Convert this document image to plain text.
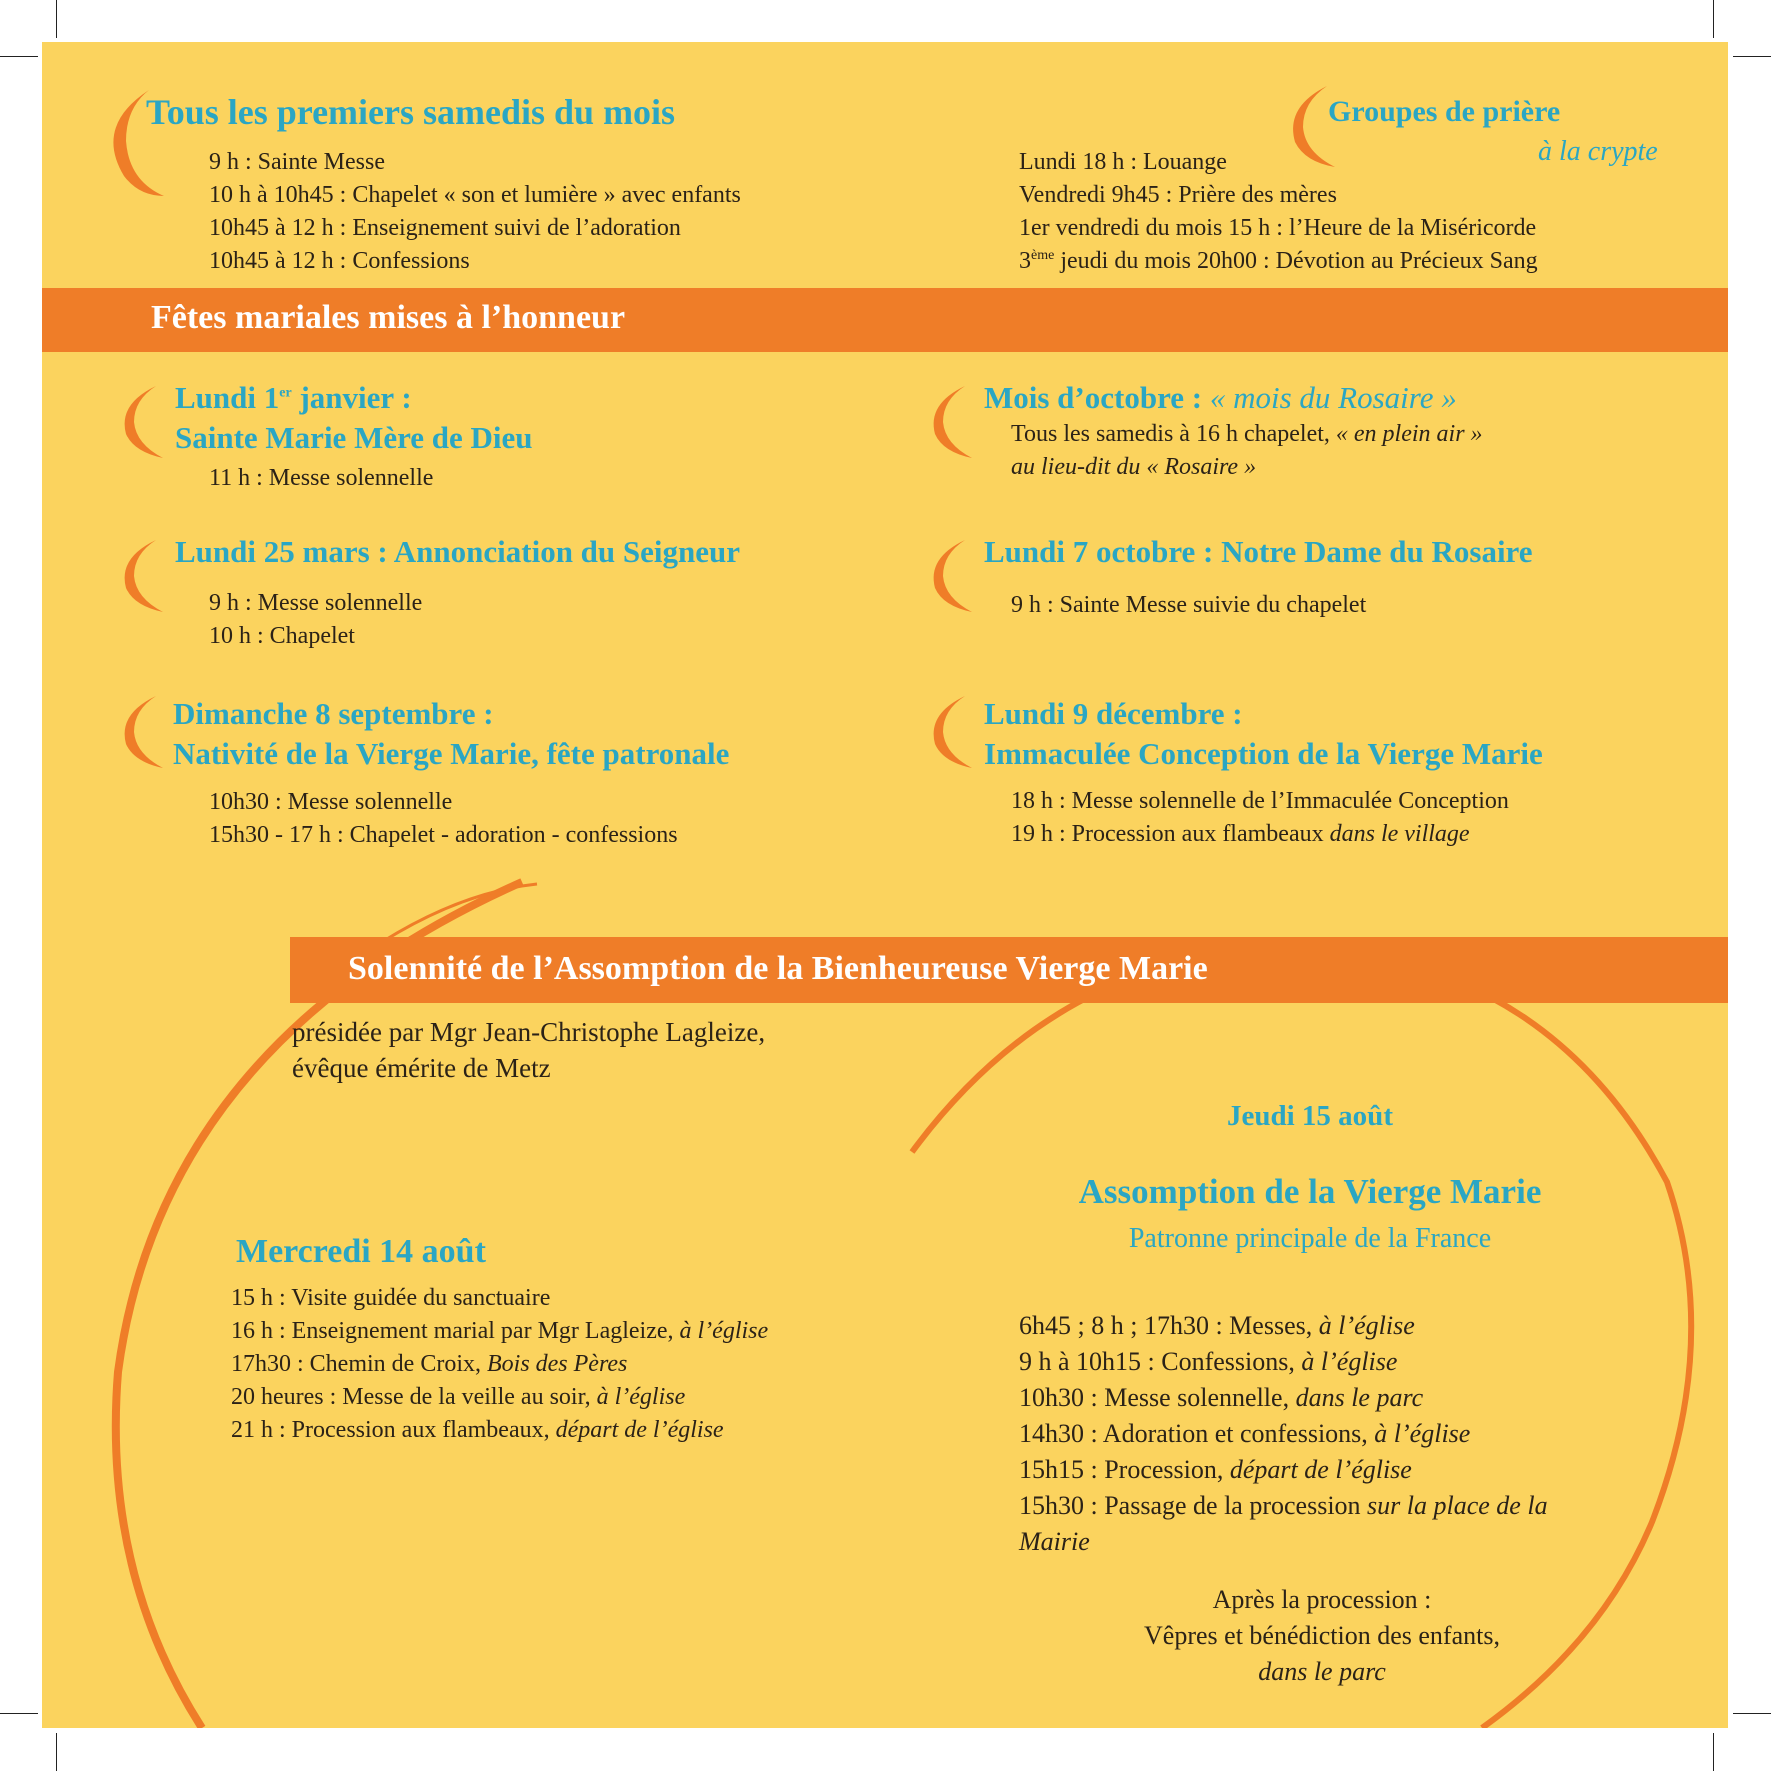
Tous les premiers samedis du mois
9 h : Sainte Messe
10 h à 10h45 : Chapelet « son et lumière » avec enfants
10h45 à 12 h : Enseignement suivi de l’adoration
10h45 à 12 h : Confessions
Groupes de prière
à la crypte
Lundi 18 h : Louange
Vendredi 9h45 : Prière des mères
1er vendredi du mois 15 h : l’Heure de la Miséricorde
3ème jeudi du mois 20h00 : Dévotion au Précieux Sang
Fêtes mariales mises à l’honneur
Lundi 1er janvier :
Sainte Marie Mère de Dieu
11 h : Messe solennelle
Lundi 25 mars : Annonciation du Seigneur
9 h : Messe solennelle
10 h : Chapelet
Dimanche 8 septembre :
Nativité de la Vierge Marie, fête patronale
10h30 : Messe solennelle
15h30 - 17 h : Chapelet - adoration - confessions
Mois d’octobre : « mois du Rosaire »
Tous les samedis à 16 h chapelet, « en plein air »
au lieu-dit du « Rosaire »
Lundi 7 octobre : Notre Dame du Rosaire
9 h : Sainte Messe suivie du chapelet
Lundi 9 décembre :
Immaculée Conception de la Vierge Marie
18 h : Messe solennelle de l’Immaculée Conception
19 h : Procession aux flambeaux dans le village
Solennité de l’Assomption de la Bienheureuse Vierge Marie
présidée par Mgr Jean-Christophe Lagleize,
évêque émérite de Metz
Mercredi 14 août
15 h : Visite guidée du sanctuaire
16 h : Enseignement marial par Mgr Lagleize, à l’église
17h30 : Chemin de Croix, Bois des Pères
20 heures : Messe de la veille au soir, à l’église
21 h : Procession aux flambeaux, départ de l’église
Jeudi 15 août
Assomption de la Vierge Marie
Patronne principale de la France
6h45 ; 8 h ; 17h30 : Messes, à l’église
9 h à 10h15 : Confessions, à l’église
10h30 : Messe solennelle, dans le parc
14h30 : Adoration et confessions, à l’église
15h15 : Procession, départ de l’église
15h30 : Passage de la procession sur la place de la
Mairie
Après la procession :
Vêpres et bénédiction des enfants,
dans le parc
